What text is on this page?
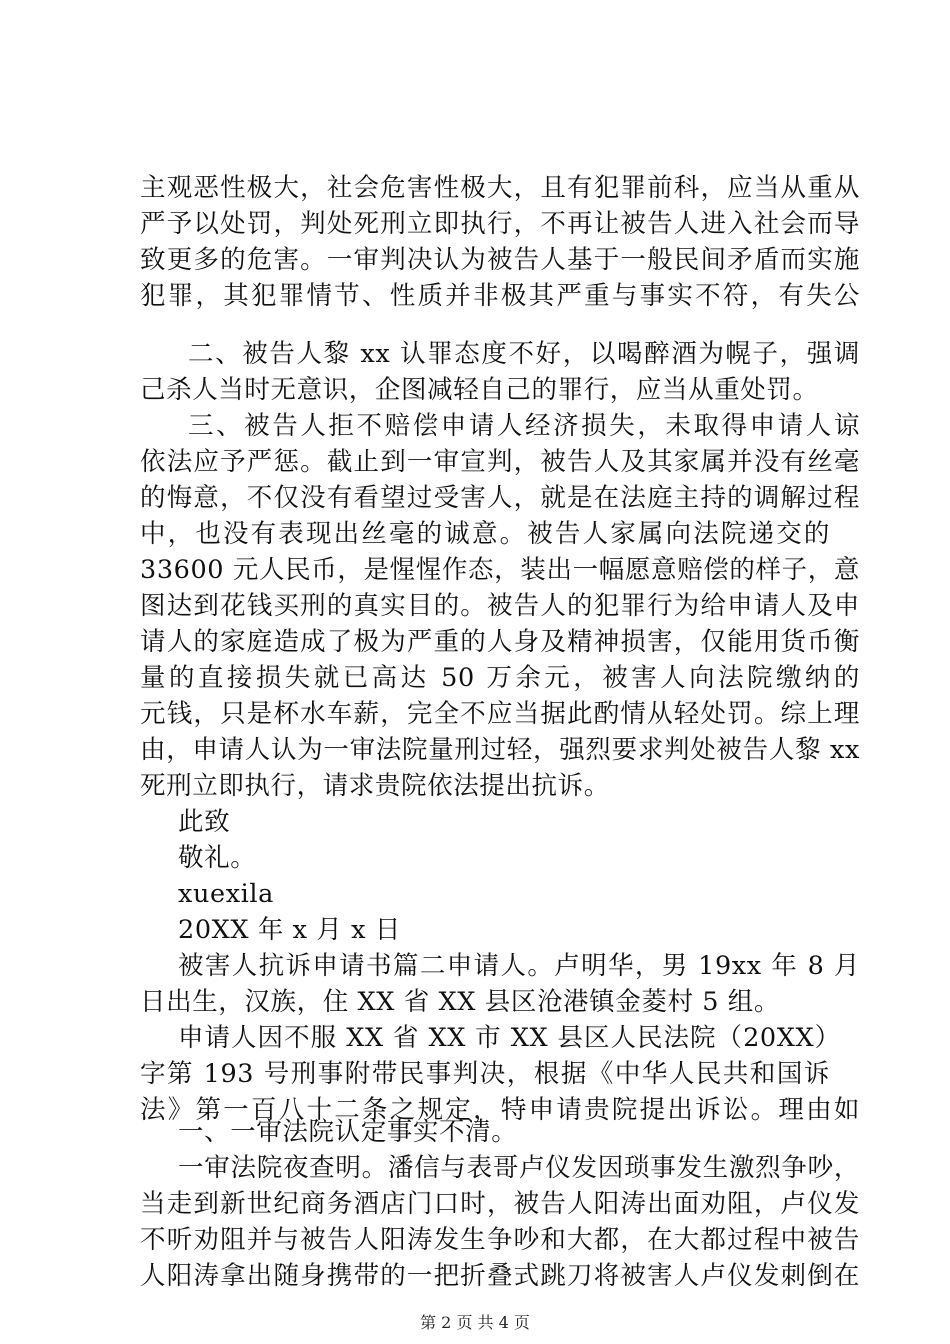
主观恶性极大，社会危害性极大，且有犯罪前科，应当从重从
严予以处罚，判处死刑立即执行，不再让被告人进入社会而导
致更多的危害。一审判决认为被告人基于一般民间矛盾而实施
犯罪，其犯罪情节、性质并非极其严重与事实不符，有失公
二、被告人黎 xx 认罪态度不好，以喝醉酒为幌子，强调
己杀人当时无意识，企图减轻自己的罪行，应当从重处罚。
三、被告人拒不赔偿申请人经济损失，未取得申请人谅
依法应予严惩。截止到一审宣判，被告人及其家属并没有丝毫
的悔意，不仅没有看望过受害人，就是在法庭主持的调解过程
中，也没有表现出丝毫的诚意。被告人家属向法院递交的
33600 元人民币，是惺惺作态，装出一幅愿意赔偿的样子，意
图达到花钱买刑的真实目的。被告人的犯罪行为给申请人及申
请人的家庭造成了极为严重的人身及精神损害，仅能用货币衡
量的直接损失就已高达 50 万余元，被害人向法院缴纳的
元钱，只是杯水车薪，完全不应当据此酌情从轻处罚。综上理
由，申请人认为一审法院量刑过轻，强烈要求判处被告人黎 xx
死刑立即执行，请求贵院依法提出抗诉。
此致
敬礼。
xuexila
20XX 年 x 月 x 日
被害人抗诉申请书篇二申请人。卢明华，男 19xx 年 8 月
日出生，汉族，住 XX 省 XX 县区沧港镇金菱村 5 组。
申请人因不服 XX 省 XX 市 XX 县区人民法院（20XX）
字第 193 号刑事附带民事判决，根据《中华人民共和国诉
法》第一百八十二条之规定，特申请贵院提出诉讼。理由如
一、一审法院认定事实不清。
一审法院夜查明。潘信与表哥卢仪发因琐事发生激烈争吵，
当走到新世纪商务酒店门口时，被告人阳涛出面劝阻，卢仪发
不听劝阻并与被告人阳涛发生争吵和大都，在大都过程中被告
人阳涛拿出随身携带的一把折叠式跳刀将被害人卢仪发刺倒在
第 2 页 共 4 页
